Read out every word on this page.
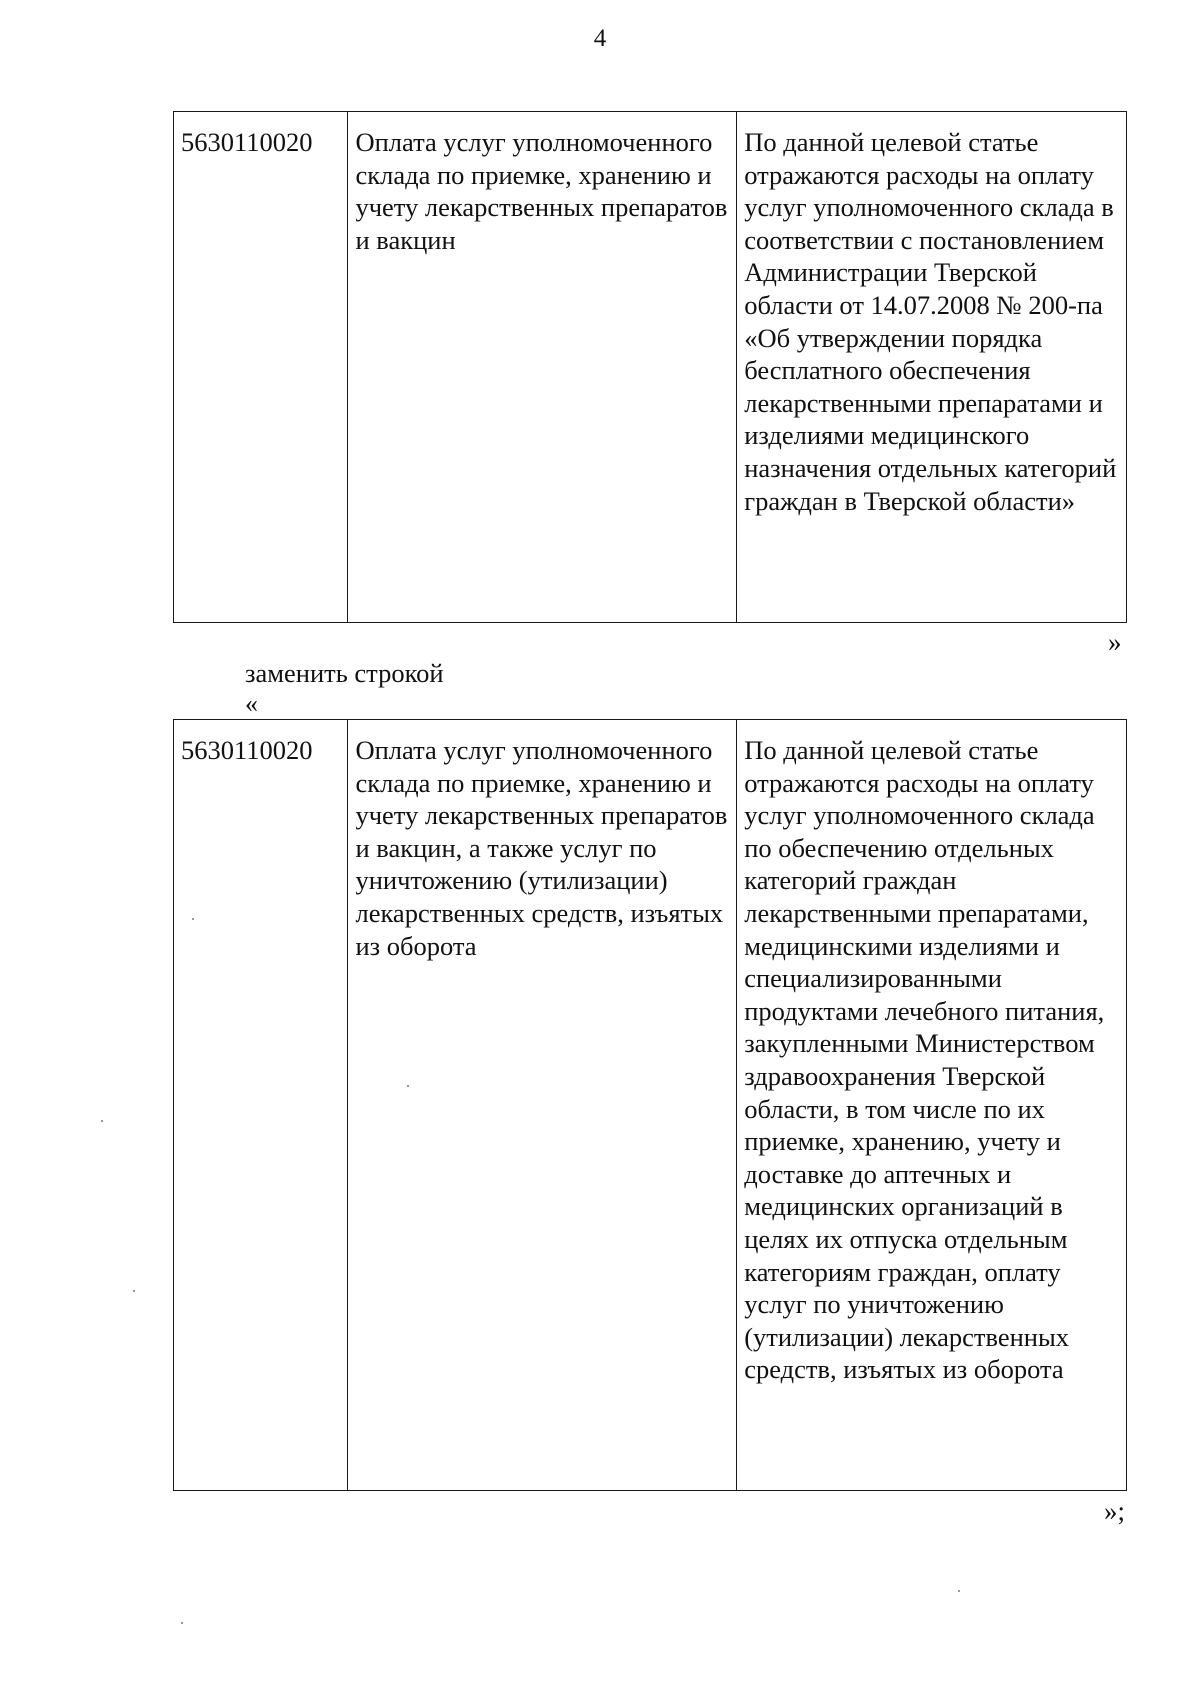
4
5630110020	Оплата услуг уполномоченного склада по приемке, хранению и учету лекарственных препаратов и вакцин	По данной целевой статье отражаются расходы на оплату услуг уполномоченного склада в соответствии с постановлением Администрации Тверской области от 14.07.2008 № 200-па «Об утверждении порядка бесплатного обеспечения лекарственными препаратами и изделиями медицинского назначения отдельных категорий граждан в Тверской области»
»
заменить строкой
«
5630110020	Оплата услуг уполномоченного склада по приемке, хранению и учету лекарственных препаратов и вакцин, а также услуг по уничтожению (утилизации) лекарственных средств, изъятых из оборота	По данной целевой статье отражаются расходы на оплату услуг уполномоченного склада по обеспечению отдельных категорий граждан лекарственными препаратами, медицинскими изделиями и специализированными продуктами лечебного питания, закупленными Министерством здравоохранения Тверской области, в том числе по их приемке, хранению, учету и доставке до аптечных и медицинских организаций в целях их отпуска отдельным категориям граждан, оплату услуг по уничтожению (утилизации) лекарственных средств, изъятых из оборота
»;
